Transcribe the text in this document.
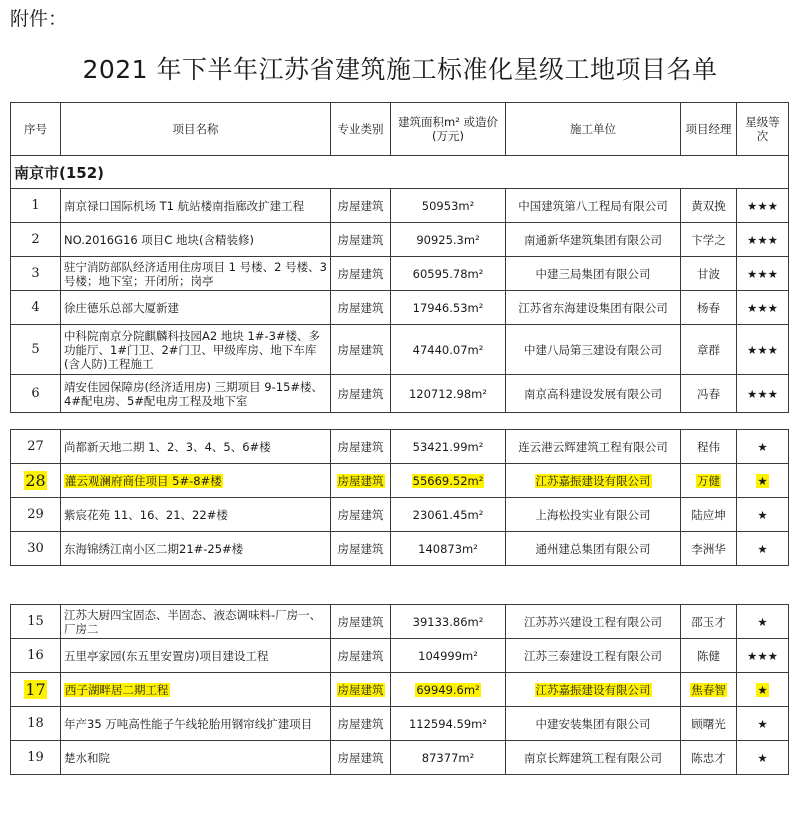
附件：
2021 年下半年江苏省建筑施工标准化星级工地项目名单
序号	项目名称	专业类别	建筑面积m² 或造价(万元)	施工单位	项目经理	星级等次
南京市(152)						
1	南京禄口国际机场 T1 航站楼南指廊改扩建工程	房屋建筑	50953m²	中国建筑第八工程局有限公司	黄双挽	★★★
2	NO.2016G16 项目C 地块(含精装修)	房屋建筑	90925.3m²	南通新华建筑集团有限公司	卞学之	★★★
3	驻宁消防部队经济适用住房项目 1 号楼、2 号楼、3 号楼；地下室；开闭所；岗亭	房屋建筑	60595.78m²	中建三局集团有限公司	甘波	★★★
4	徐庄德乐总部大厦新建	房屋建筑	17946.53m²	江苏省东海建设集团有限公司	杨春	★★★
5	中科院南京分院麒麟科技园A2 地块 1#-3#楼、多功能厅、1#门卫、2#门卫、甲级库房、地下车库(含人防)工程施工	房屋建筑	47440.07m²	中建八局第三建设有限公司	章群	★★★
6	靖安佳园保障房(经济适用房) 三期项目 9-15#楼、4#配电房、5#配电房工程及地下室	房屋建筑	120712.98m²	南京高科建设发展有限公司	冯春	★★★

27	尚都新天地二期 1、2、3、4、5、6#楼	房屋建筑	53421.99m²	连云港云辉建筑工程有限公司	程伟	★
28	灌云观澜府商住项目 5#-8#楼	房屋建筑	55669.52m²	江苏嘉振建设有限公司	万健	★
29	紫宸花苑 11、16、21、22#楼	房屋建筑	23061.45m²	上海松投实业有限公司	陆应坤	★
30	东海锦绣江南小区二期21#-25#楼	房屋建筑	140873m²	通州建总集团有限公司	李洲华	★

15	江苏大厨四宝固态、半固态、液态调味料-厂房一、厂房二	房屋建筑	39133.86m²	江苏苏兴建设工程有限公司	邵玉才	★
16	五里亭家园(东五里安置房)项目建设工程	房屋建筑	104999m²	江苏三泰建设工程有限公司	陈健	★★★
17	西子湖畔居二期工程	房屋建筑	69949.6m²	江苏嘉振建设有限公司	焦春智	★
18	年产35 万吨高性能子午线轮胎用钢帘线扩建项目	房屋建筑	112594.59m²	中建安装集团有限公司	顾曙光	★
19	楚水和院	房屋建筑	87377m²	南京长辉建筑工程有限公司	陈忠才	★
